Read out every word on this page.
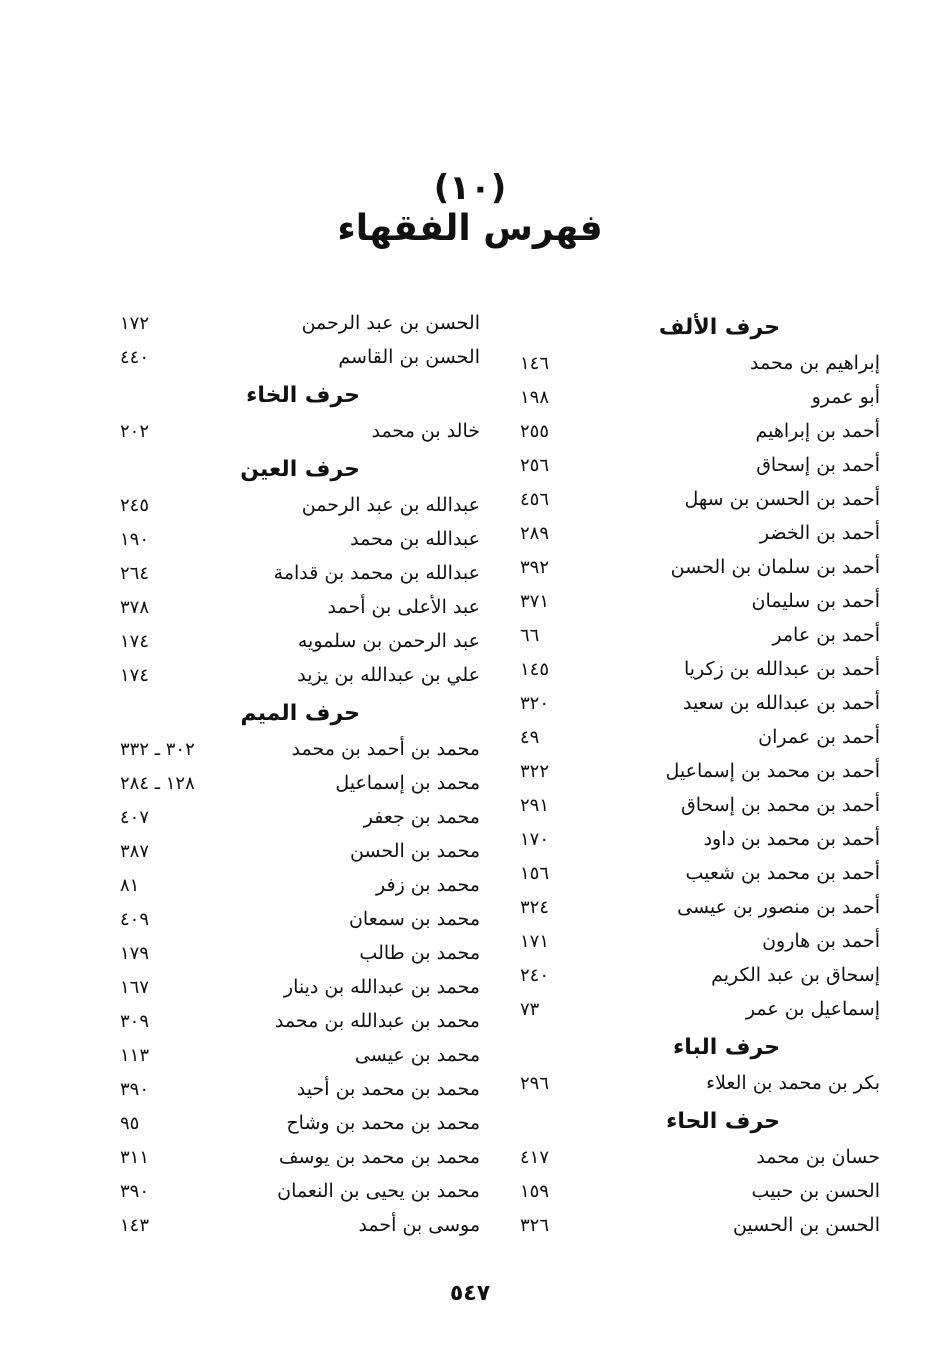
(١٠)
فهرس الفقهاء
حرف الألف
إبراهيم بن محمد
١٤٦
أبو عمرو
١٩٨
أحمد بن إبراهيم
٢٥٥
أحمد بن إسحاق
٢٥٦
أحمد بن الحسن بن سهل
٤٥٦
أحمد بن الخضر
٢٨٩
أحمد بن سلمان بن الحسن
٣٩٢
أحمد بن سليمان
٣٧١
أحمد بن عامر
٦٦
أحمد بن عبدالله بن زكريا
١٤٥
أحمد بن عبدالله بن سعيد
٣٢٠
أحمد بن عمران
٤٩
أحمد بن محمد بن إسماعيل
٣٢٢
أحمد بن محمد بن إسحاق
٢٩١
أحمد بن محمد بن داود
١٧٠
أحمد بن محمد بن شعيب
١٥٦
أحمد بن منصور بن عيسى
٣٢٤
أحمد بن هارون
١٧١
إسحاق بن عبد الكريم
٢٤٠
إسماعيل بن عمر
٧٣
حرف الباء
بكر بن محمد بن العلاء
٢٩٦
حرف الحاء
حسان بن محمد
٤١٧
الحسن بن حبيب
١٥٩
الحسن بن الحسين
٣٢٦
الحسن بن عبد الرحمن
١٧٢
الحسن بن القاسم
٤٤٠
حرف الخاء
خالد بن محمد
٢٠٢
حرف العين
عبدالله بن عبد الرحمن
٢٤٥
عبدالله بن محمد
١٩٠
عبدالله بن محمد بن قدامة
٢٦٤
عبد الأعلى بن أحمد
٣٧٨
عبد الرحمن بن سلمويه
١٧٤
علي بن عبدالله بن يزيد
١٧٤
حرف الميم
محمد بن أحمد بن محمد
٣٠٢ ـ ٣٣٢
محمد بن إسماعيل
١٢٨ ـ ٢٨٤
محمد بن جعفر
٤٠٧
محمد بن الحسن
٣٨٧
محمد بن زفر
٨١
محمد بن سمعان
٤٠٩
محمد بن طالب
١٧٩
محمد بن عبدالله بن دينار
١٦٧
محمد بن عبدالله بن محمد
٣٠٩
محمد بن عيسى
١١٣
محمد بن محمد بن أحيد
٣٩٠
محمد بن محمد بن وشاح
٩٥
محمد بن محمد بن يوسف
٣١١
محمد بن يحيى بن النعمان
٣٩٠
موسى بن أحمد
١٤٣
٥٤٧
